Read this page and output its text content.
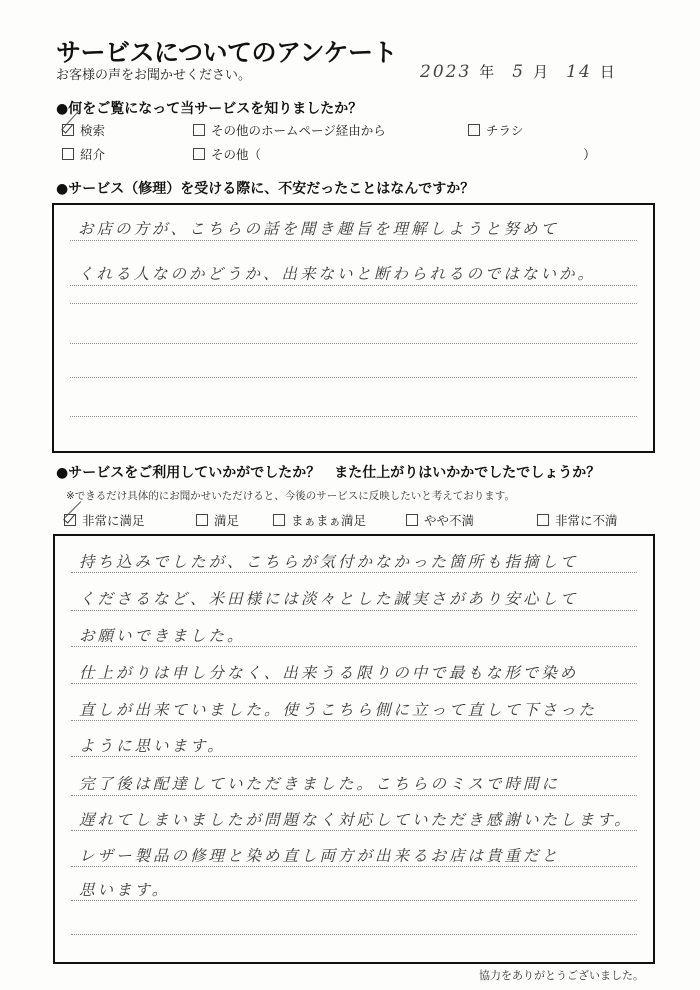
サービスについてのアンケート
お客様の声をお聞かせください。	2023 年 5 月 14 日
●何をご覧になって当サービスを知りましたか？
検索	その他のホームページ経由から	チラシ
紹介	その他（	）
●サービス（修理）を受ける際に、不安だったことはなんですか？
お店の方が、こちらの話を聞き趣旨を理解しようと努めて
くれる人なのかどうか、出来ないと断わられるのではないか。
●サービスをご利用していかがでしたか？　また仕上がりはいかかでしたでしょうか？
※できるだけ具体的にお聞かせいただけると、今後のサービスに反映したいと考えております。
非常に満足	満足	まぁまぁ満足	やや不満	非常に不満
持ち込みでしたが、こちらが気付かなかった箇所も指摘して
くださるなど、米田様には淡々とした誠実さがあり安心して
お願いできました。
仕上がりは申し分なく、出来うる限りの中で最もな形で染め
直しが出来ていました。使うこちら側に立って直して下さった
ように思います。
完了後は配達していただきました。こちらのミスで時間に
遅れてしまいましたが問題なく対応していただき感謝いたします。
レザー製品の修理と染め直し両方が出来るお店は貴重だと
思います。
協力をありがとうございました。
